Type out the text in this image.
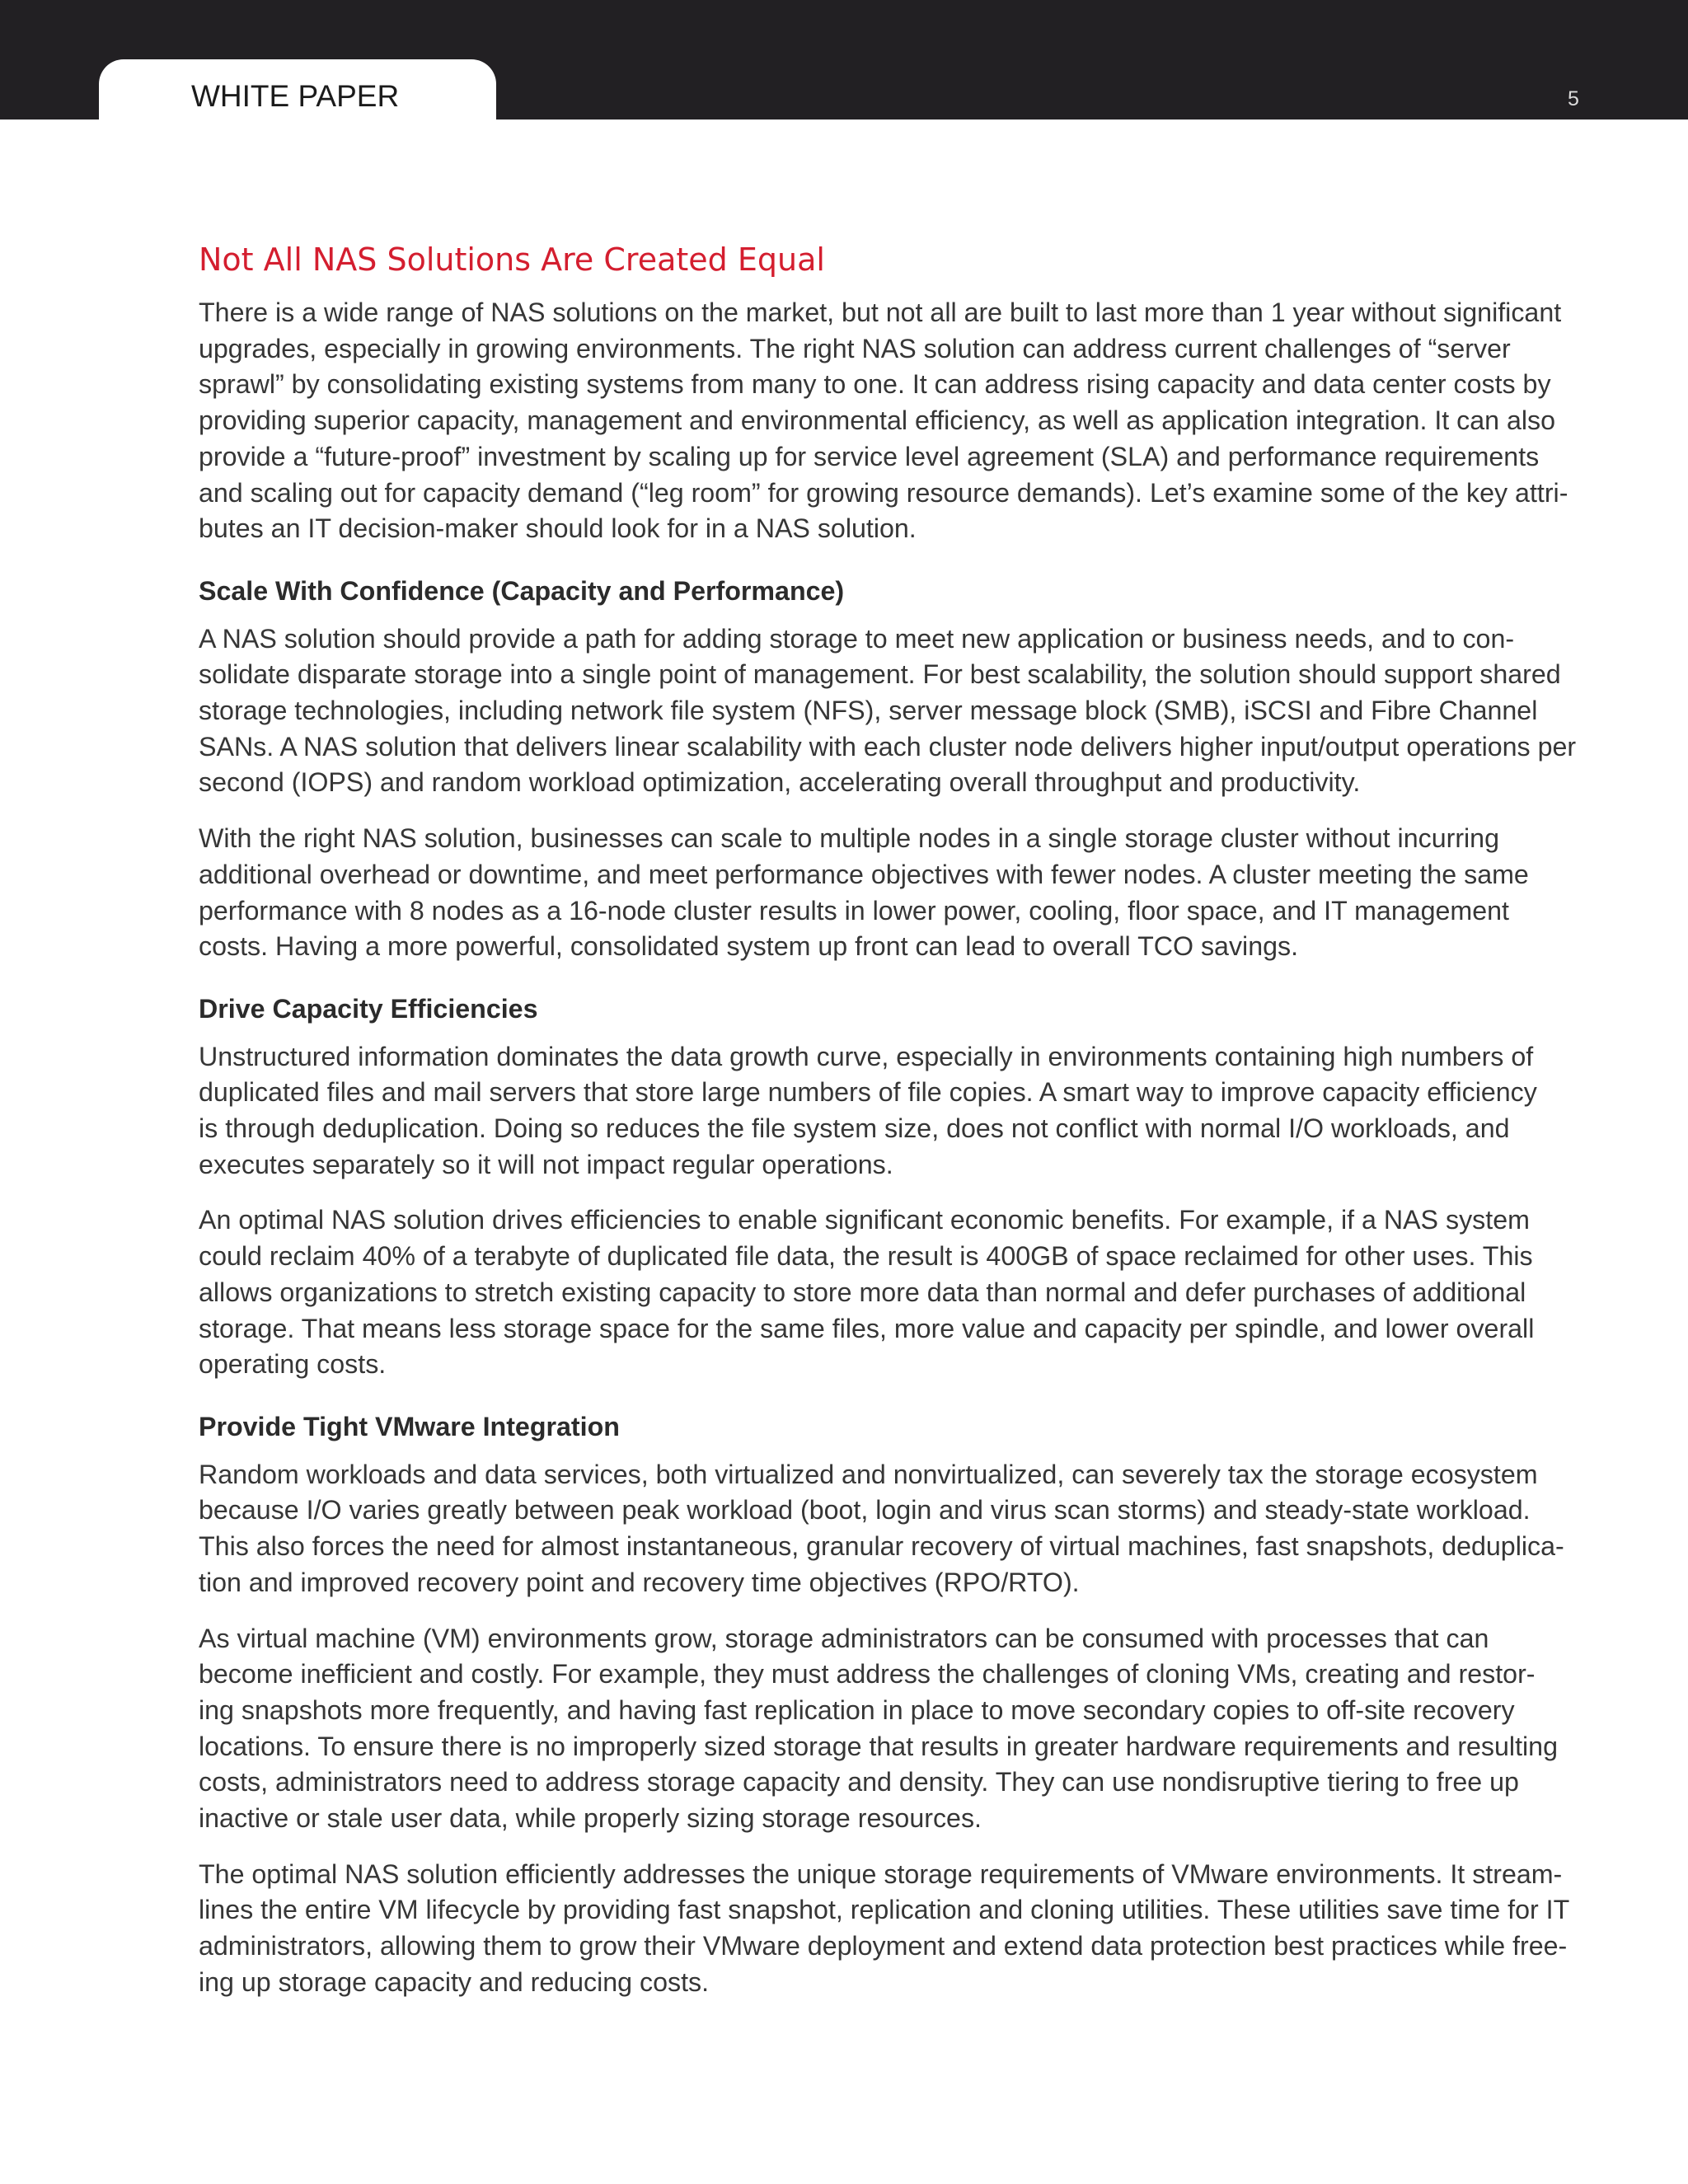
WHITE PAPER	5
Not All NAS Solutions Are Created Equal

There is a wide range of NAS solutions on the market, but not all are built to last more than 1 year without significant
upgrades, especially in growing environments. The right NAS solution can address current challenges of “server
sprawl” by consolidating existing systems from many to one. It can address rising capacity and data center costs by
providing superior capacity, management and environmental efficiency, as well as application integration. It can also
provide a “future-proof” investment by scaling up for service level agreement (SLA) and performance requirements
and scaling out for capacity demand (“leg room” for growing resource demands). Let’s examine some of the key attri-
butes an IT decision-maker should look for in a NAS solution.

Scale With Confidence (Capacity and Performance)

A NAS solution should provide a path for adding storage to meet new application or business needs, and to con-
solidate disparate storage into a single point of management. For best scalability, the solution should support shared
storage technologies, including network file system (NFS), server message block (SMB), iSCSI and Fibre Channel
SANs. A NAS solution that delivers linear scalability with each cluster node delivers higher input/output operations per
second (IOPS) and random workload optimization, accelerating overall throughput and productivity.

With the right NAS solution, businesses can scale to multiple nodes in a single storage cluster without incurring
additional overhead or downtime, and meet performance objectives with fewer nodes. A cluster meeting the same
performance with 8 nodes as a 16-node cluster results in lower power, cooling, floor space, and IT management
costs. Having a more powerful, consolidated system up front can lead to overall TCO savings.

Drive Capacity Efficiencies

Unstructured information dominates the data growth curve, especially in environments containing high numbers of
duplicated files and mail servers that store large numbers of file copies. A smart way to improve capacity efficiency
is through deduplication. Doing so reduces the file system size, does not conflict with normal I/O workloads, and
executes separately so it will not impact regular operations.

An optimal NAS solution drives efficiencies to enable significant economic benefits. For example, if a NAS system
could reclaim 40% of a terabyte of duplicated file data, the result is 400GB of space reclaimed for other uses. This
allows organizations to stretch existing capacity to store more data than normal and defer purchases of additional
storage. That means less storage space for the same files, more value and capacity per spindle, and lower overall
operating costs.

Provide Tight VMware Integration

Random workloads and data services, both virtualized and nonvirtualized, can severely tax the storage ecosystem
because I/O varies greatly between peak workload (boot, login and virus scan storms) and steady-state workload.
This also forces the need for almost instantaneous, granular recovery of virtual machines, fast snapshots, deduplica-
tion and improved recovery point and recovery time objectives (RPO/RTO).

As virtual machine (VM) environments grow, storage administrators can be consumed with processes that can
become inefficient and costly. For example, they must address the challenges of cloning VMs, creating and restor-
ing snapshots more frequently, and having fast replication in place to move secondary copies to off-site recovery
locations. To ensure there is no improperly sized storage that results in greater hardware requirements and resulting
costs, administrators need to address storage capacity and density. They can use nondisruptive tiering to free up
inactive or stale user data, while properly sizing storage resources.

The optimal NAS solution efficiently addresses the unique storage requirements of VMware environments. It stream-
lines the entire VM lifecycle by providing fast snapshot, replication and cloning utilities. These utilities save time for IT
administrators, allowing them to grow their VMware deployment and extend data protection best practices while free-
ing up storage capacity and reducing costs.
